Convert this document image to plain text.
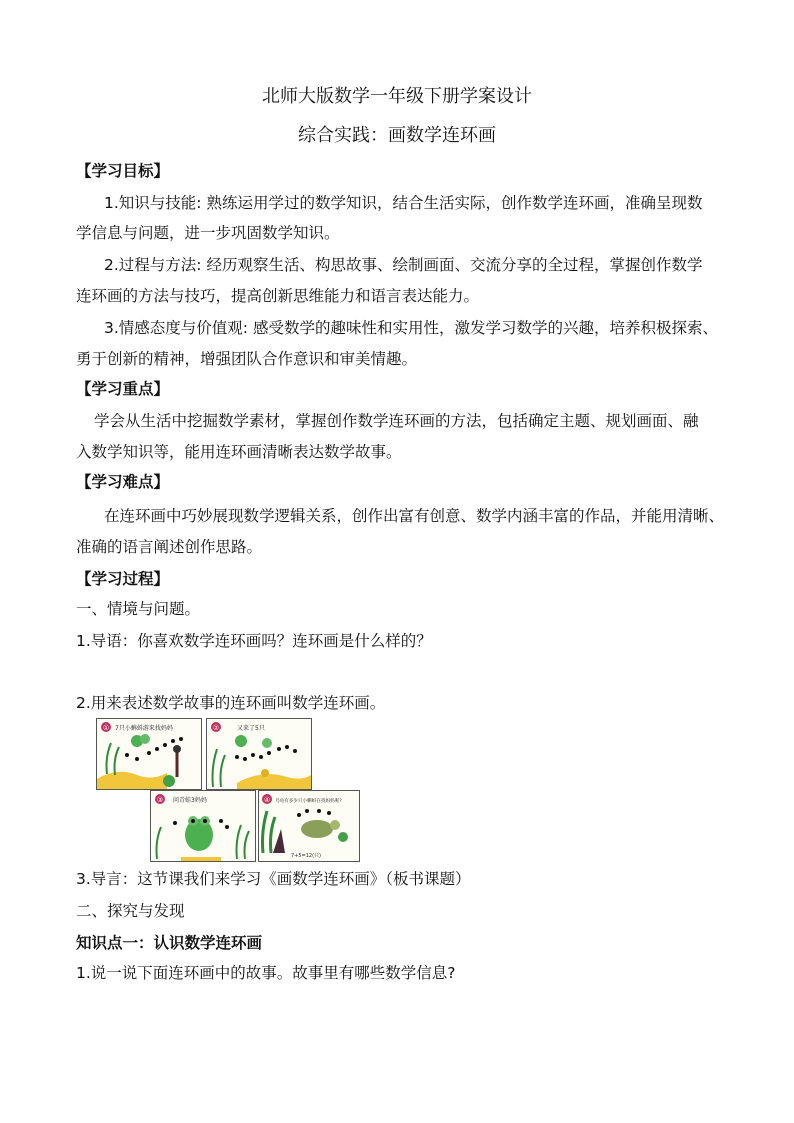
北师大版数学一年级下册学案设计
综合实践：画数学连环画
【学习目标】
1.知识与技能: 熟练运用学过的数学知识，结合生活实际，创作数学连环画，准确呈现数
学信息与问题，进一步巩固数学知识。
2.过程与方法: 经历观察生活、构思故事、绘制画面、交流分享的全过程，掌握创作数学
连环画的方法与技巧，提高创新思维能力和语言表达能力。
3.情感态度与价值观: 感受数学的趣味性和实用性，激发学习数学的兴趣，培养积极探索、
勇于创新的精神，增强团队合作意识和审美情趣。
【学习重点】
学会从生活中挖掘数学素材，掌握创作数学连环画的方法，包括确定主题、规划画面、融
入数学知识等，能用连环画清晰表达数学故事。
【学习难点】
在连环画中巧妙展现数学逻辑关系，创作出富有创意、数学内涵丰富的作品，并能用清晰、
准确的语言阐述创作思路。
【学习过程】
一、情境与问题。
1.导语：你喜欢数学连环画吗？连环画是什么样的？
2.用来表述数学故事的连环画叫数学连环画。
① 7只小蝌蚪游来找妈妈	②	又来了5只
③ 问青蛙3妈妈	④ 乌龟有多少只小蝌蚪在找妈妈呢?
7+5=12(只)
3.导言：这节课我们来学习《画数学连环画》（板书课题）
二、探究与发现
知识点一：认识数学连环画
1.说一说下面连环画中的故事。故事里有哪些数学信息?
